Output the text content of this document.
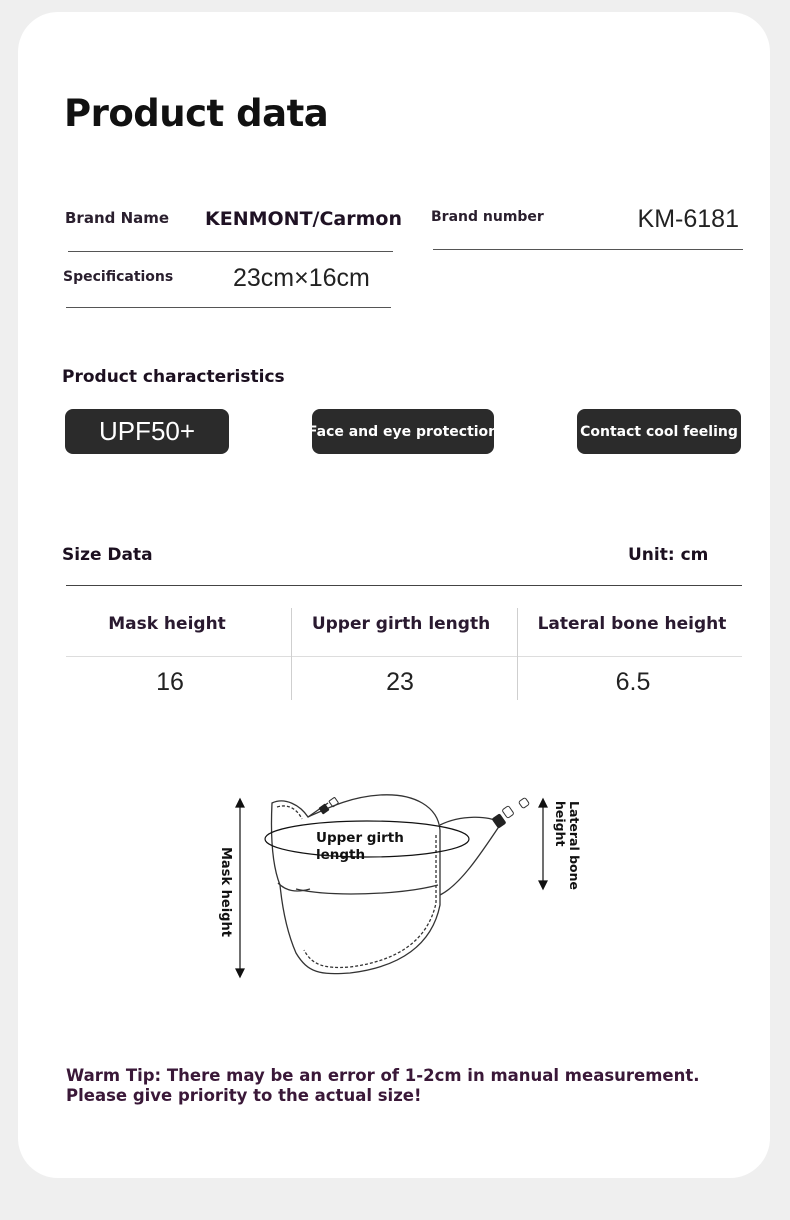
Product data
Brand Name KENMONT/Carmon Brand number	KM-6181
Specifications 23cm×16cm
Product characteristics
UPF50+	Face and eye protection	Contact cool feeling
Size Data	Unit: cm
Mask height	Upper girth length	Lateral bone height
16	23	6.5
Mask height
Upper girth
length	Lateral bone
height
Warm Tip: There may be an error of 1-2cm in manual measurement. Please give priority to the actual size!
